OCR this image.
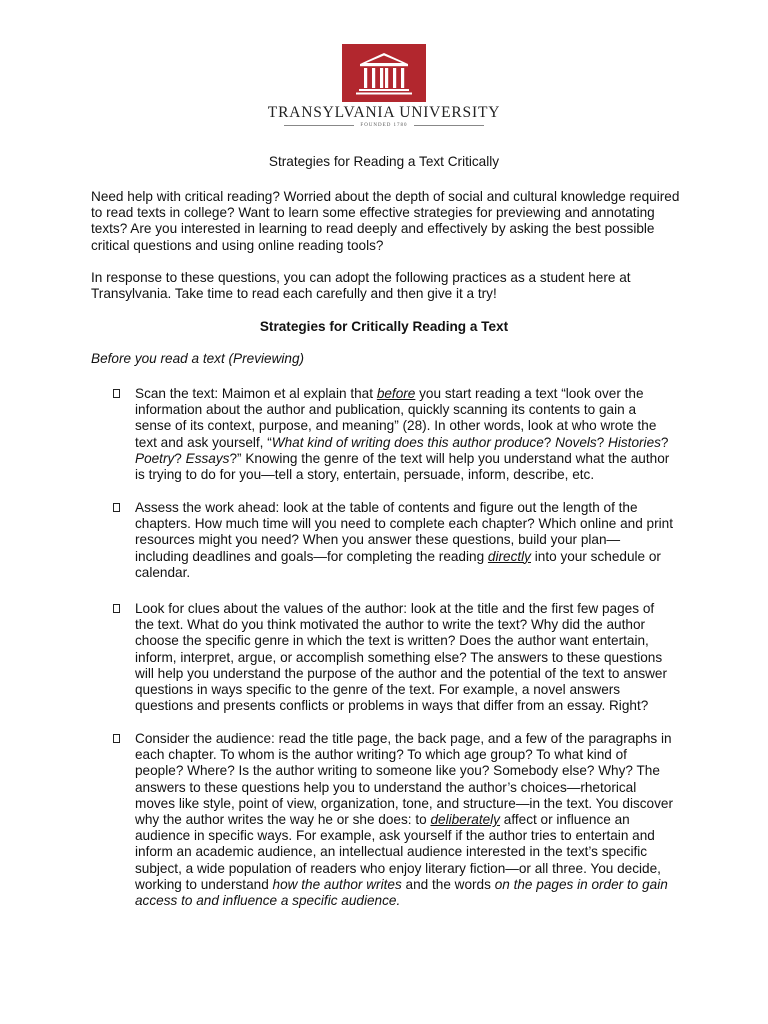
TRANSYLVANIA UNIVERSITY
FOUNDED 1780
Strategies for Reading a Text Critically

Need help with critical reading? Worried about the depth of social and cultural knowledge required to read texts in college? Want to learn some effective strategies for previewing and annotating texts? Are you interested in learning to read deeply and effectively by asking the best possible critical questions and using online reading tools?

In response to these questions, you can adopt the following practices as a student here at Transylvania. Take time to read each carefully and then give it a try!

Strategies for Critically Reading a Text
Before you read a text (Previewing)
Scan the text: Maimon et al explain that before you start reading a text “look over the information about the author and publication, quickly scanning its contents to gain a sense of its context, purpose, and meaning” (28). In other words, look at who wrote the text and ask yourself, “What kind of writing does this author produce? Novels? Histories? Poetry? Essays?” Knowing the genre of the text will help you understand what the author is trying to do for you—tell a story, entertain, persuade, inform, describe, etc.
Assess the work ahead: look at the table of contents and figure out the length of the chapters. How much time will you need to complete each chapter? Which online and print resources might you need? When you answer these questions, build your plan—including deadlines and goals—for completing the reading directly into your schedule or calendar.
Look for clues about the values of the author: look at the title and the first few pages of the text. What do you think motivated the author to write the text? Why did the author choose the specific genre in which the text is written? Does the author want entertain, inform, interpret, argue, or accomplish something else? The answers to these questions will help you understand the purpose of the author and the potential of the text to answer questions in ways specific to the genre of the text. For example, a novel answers questions and presents conflicts or problems in ways that differ from an essay. Right?
Consider the audience: read the title page, the back page, and a few of the paragraphs in each chapter. To whom is the author writing? To which age group? To what kind of people? Where? Is the author writing to someone like you? Somebody else? Why? The answers to these questions help you to understand the author’s choices—rhetorical moves like style, point of view, organization, tone, and structure—in the text. You discover why the author writes the way he or she does: to deliberately affect or influence an audience in specific ways. For example, ask yourself if the author tries to entertain and inform an academic audience, an intellectual audience interested in the text’s specific subject, a wide population of readers who enjoy literary fiction—or all three. You decide, working to understand how the author writes and the words on the pages in order to gain access to and influence a specific audience.
